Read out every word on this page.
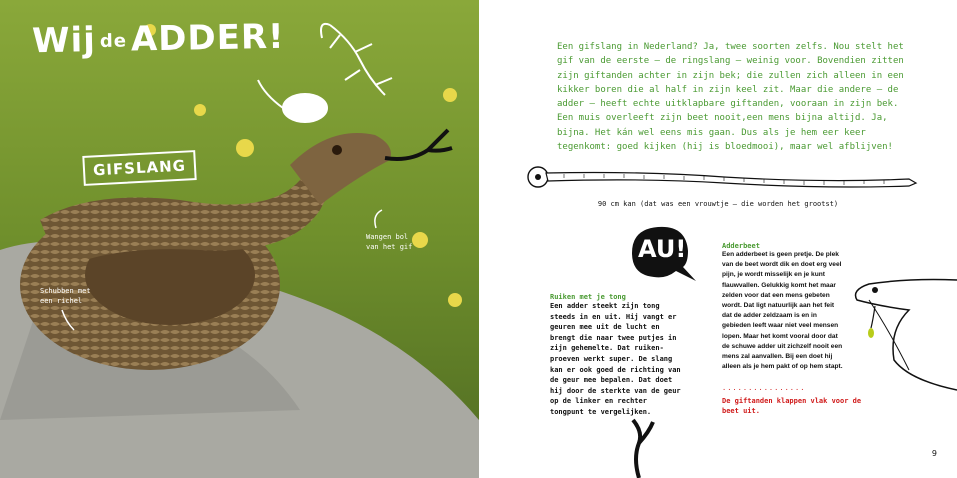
Wij de ADDER!
GIFSLANG
Wangen bol
van het gif
Schubben met
een richel
Een gifslang in Nederland? Ja, twee soorten zelfs. Nou stelt het gif van de eerste – de ringslang – weinig voor. Bovendien zitten zijn giftanden achter in zijn bek; die zullen zich alleen in een kikker boren die al half in zijn keel zit. Maar die andere – de adder – heeft echte uitklapbare giftanden, vooraan in zijn bek. Een muis overleeft zijn beet nooit,een mens bijna altijd. Ja, bijna. Het kán wel eens mis gaan. Dus als je hem eer keer tegenkomt: goed kijken (hij is bloedmooi), maar wel afblijven!
90 cm kan (dat was een vrouwtje – die worden het grootst)
AU!
Ruiken met je tong
Een adder steekt zijn tong steeds in en uit. Hij vangt er geuren mee uit de lucht en brengt die naar twee putjes in zijn gehemelte. Dat ruiken-proeven werkt super. De slang kan er ook goed de richting van de geur mee bepalen. Dat doet hij door de sterkte van de geur op de linker en rechter tongpunt te vergelijken.
Adderbeet
Een adderbeet is geen pretje. De plek van de beet wordt dik en doet erg veel pijn, je wordt misselijk en je kunt flauwvallen. Gelukkig komt het maar zelden voor dat een mens gebeten wordt. Dat ligt natuurlijk aan het feit dat de adder zeldzaam is en in gebieden leeft waar niet veel mensen lopen. Maar het komt vooral door dat de schuwe adder uit zichzelf nooit een mens zal aanvallen. Bij een doet hij alleen als je hem pakt of op hem stapt.
................
De giftanden klappen vlak voor de beet uit.
9
